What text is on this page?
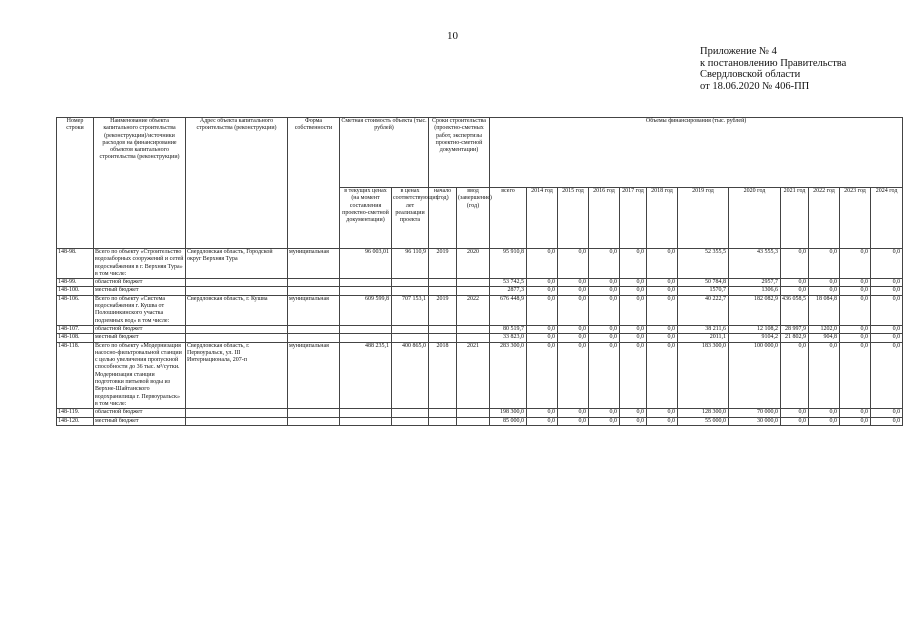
10
Приложение № 4
к постановлению Правительства
Свердловской области
от 18.06.2020 № 406-ПП
Номер строки	Наименование объекта капитального строительства (реконструкции)/источники расходов на финансирование объектов капитального строительства (реконструкции)	Адрес объекта капитального строительства (реконструкции)	Форма собственности	Сметная стоимость объекта (тыс. рублей)		Сроки строительства (проектно-сметных работ, экспертизы проектно-сметной документации)		Объемы финансирования (тыс. рублей)											
				в текущих ценах (на момент составления проектно-сметной документации)	в ценах соответствующих лет реализации проекта	начало (год)	ввод (завершение) (год)	всего	2014 год	2015 год	2016 год	2017 год	2018 год	2019 год	2020 год	2021 год	2022 год	2023 год	2024 год
148-98.	Всего по объекту «Строительство водозаборных сооружений и сетей водоснабжения в г. Верхняя Тура» в том числе:	Свердловская область, Городской округ Верхняя Тура	муниципальная	96 003,01	96 110,9	2019	2020	95 910,8	0,0	0,0	0,0	0,0	0,0	52 355,5	43 555,3	0,0	0,0	0,0	0,0
148-99.	областной бюджет							53 742,5	0,0	0,0	0,0	0,0	0,0	50 784,8	2957,7	0,0	0,0	0,0	0,0
148-100.	местный бюджет							2877,3	0,0	0,0	0,0	0,0	0,0	1570,7	1306,6	0,0	0,0	0,0	0,0
148-106.	Всего по объекту «Система водоснабжения г. Кушва от Полошинкинского участка подземных вод» в том числе:	Свердловская область, г. Кушва	муниципальная	609 599,8	707 153,1	2019	2022	676 448,9	0,0	0,0	0,0	0,0	0,0	40 222,7	182 082,9	436 058,5	18 084,8	0,0	0,0
148-107.	областной бюджет							80 519,7	0,0	0,0	0,0	0,0	0,0	38 211,6	12 108,2	28 997,9	1202,0	0,0	0,0
148-108.	местный бюджет							33 823,0	0,0	0,0	0,0	0,0	0,0	2011,1	9104,2	21 802,9	904,8	0,0	0,0
148-118.	Всего по объекту «Модернизация насосно-фильтровальной станции с целью увеличения пропускной способности до 36 тыс. м³/сутки. Модернизация станции подготовки питьевой воды из Верхне-Шайтанского водохранилища г. Первоуральск» в том числе:	Свердловская область, г. Первоуральск, ул. III Интернационала, 207-п	муниципальная	488 235,1	400 865,0	2018	2021	283 300,0	0,0	0,0	0,0	0,0	0,0	183 300,0	100 000,0	0,0	0,0	0,0	0,0
148-119.	областной бюджет							198 300,0	0,0	0,0	0,0	0,0	0,0	128 300,0	70 000,0	0,0	0,0	0,0	0,0
148-120.	местный бюджет							85 000,0	0,0	0,0	0,0	0,0	0,0	55 000,0	30 000,0	0,0	0,0	0,0	0,0
